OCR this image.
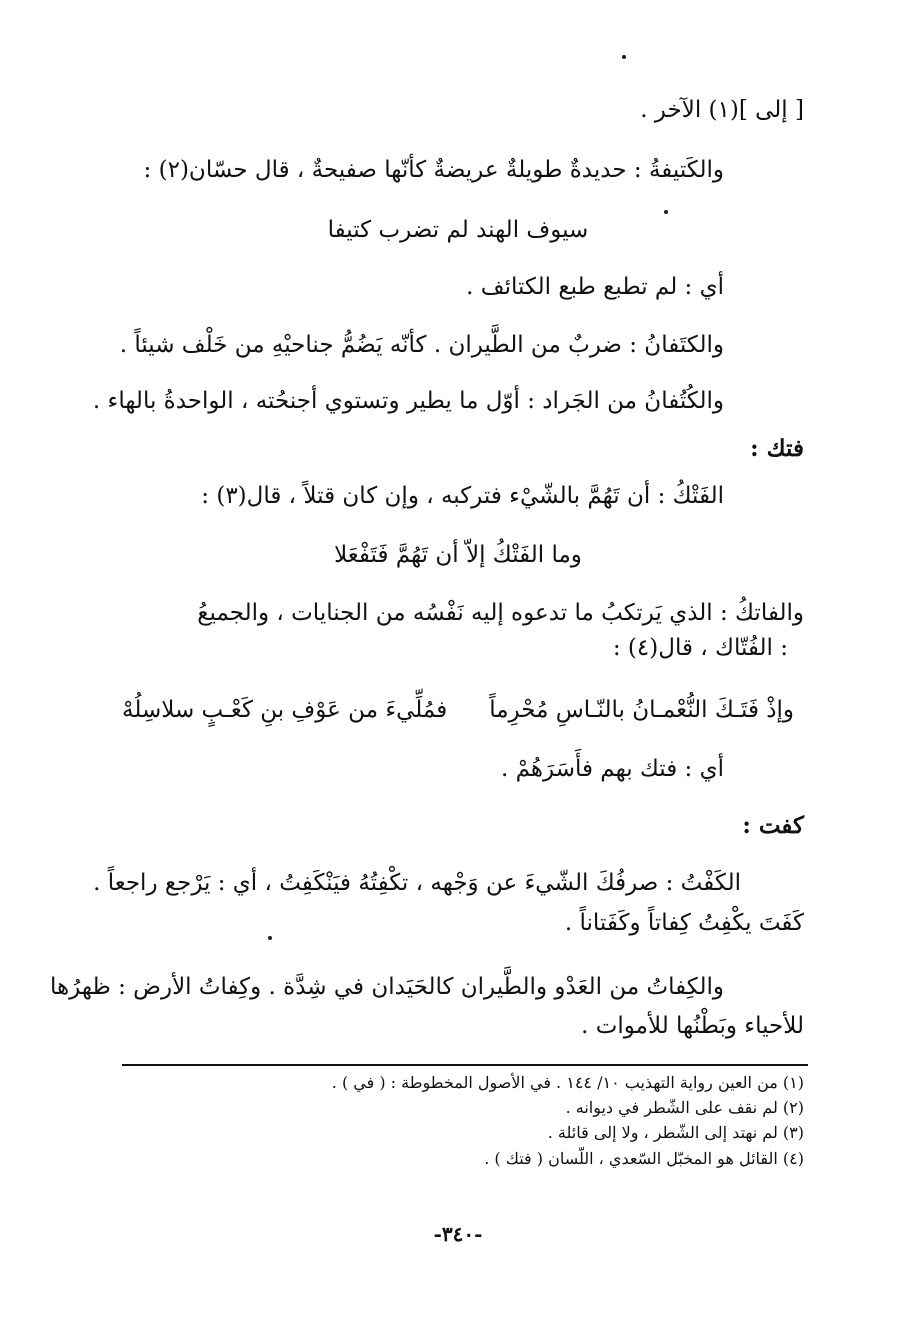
[ إلى ](١) الآخر .
والكَتيفةُ : حديدةٌ طويلةٌ عريضةٌ كأنّها صفيحةٌ ، قال حسّان(٢) :
سيوف الهند لم تضرب كتيفا
أي : لم تطبع طبع الكتائف .
والكتَفانُ : ضربٌ من الطَّيران . كأنّه يَضُمُّ جناحيْهِ من خَلْف شيئاً .
والكُتُفانُ من الجَراد : أوّل ما يطير وتستوي أجنحُته ، الواحدةُ بالهاء .
فتك :
الفَتْكُ : أن تَهُمَّ بالشّيْء فتركبه ، وإن كان قتلاً ، قال(٣) :
وما الفَتْكُ إلاّ أن تَهُمَّ فَتَفْعَلا
والفاتكُ : الذي يَرتكبُ ما تدعوه إليه نَفْسُه من الجنايات ، والجميعُ
: الفُتّاك ، قال(٤) :
وإذْ فَتَـكَ النُّعْمـانُ بالنّـاسِ مُحْرِماً
فمُلِّيءَ من عَوْفِ بنِ كَعْـبٍ سلاسِلُهْ
أي : فتك بهم فأَسَرَهُمْ .
كفت :
الكَفْتُ : صرفُكَ الشّيءَ عن وَجْهه ، تكْفِتُهُ فيَنْكَفِتُ ، أي : يَرْجع راجعاً .
كَفَتَ يكْفِتُ كِفاتاً وكَفَتاناً .
والكِفاتُ من العَدْو والطَّيران كالحَيَدان في شِدَّة . وكِفاتُ الأرض : ظهرُها
للأحياء وبَطْنُها للأموات .
(١) من العين رواية التهذيب ١٠/ ١٤٤ . في الأصول المخطوطة : ( في ) .
(٢) لم نقف على الشّطر في ديوانه .
(٣) لم نهتد إلى الشّطر ، ولا إلى قائلة .
(٤) القائل هو المخبّل السّعدي ، اللّسان ( فتك ) .
-٣٤٠-
